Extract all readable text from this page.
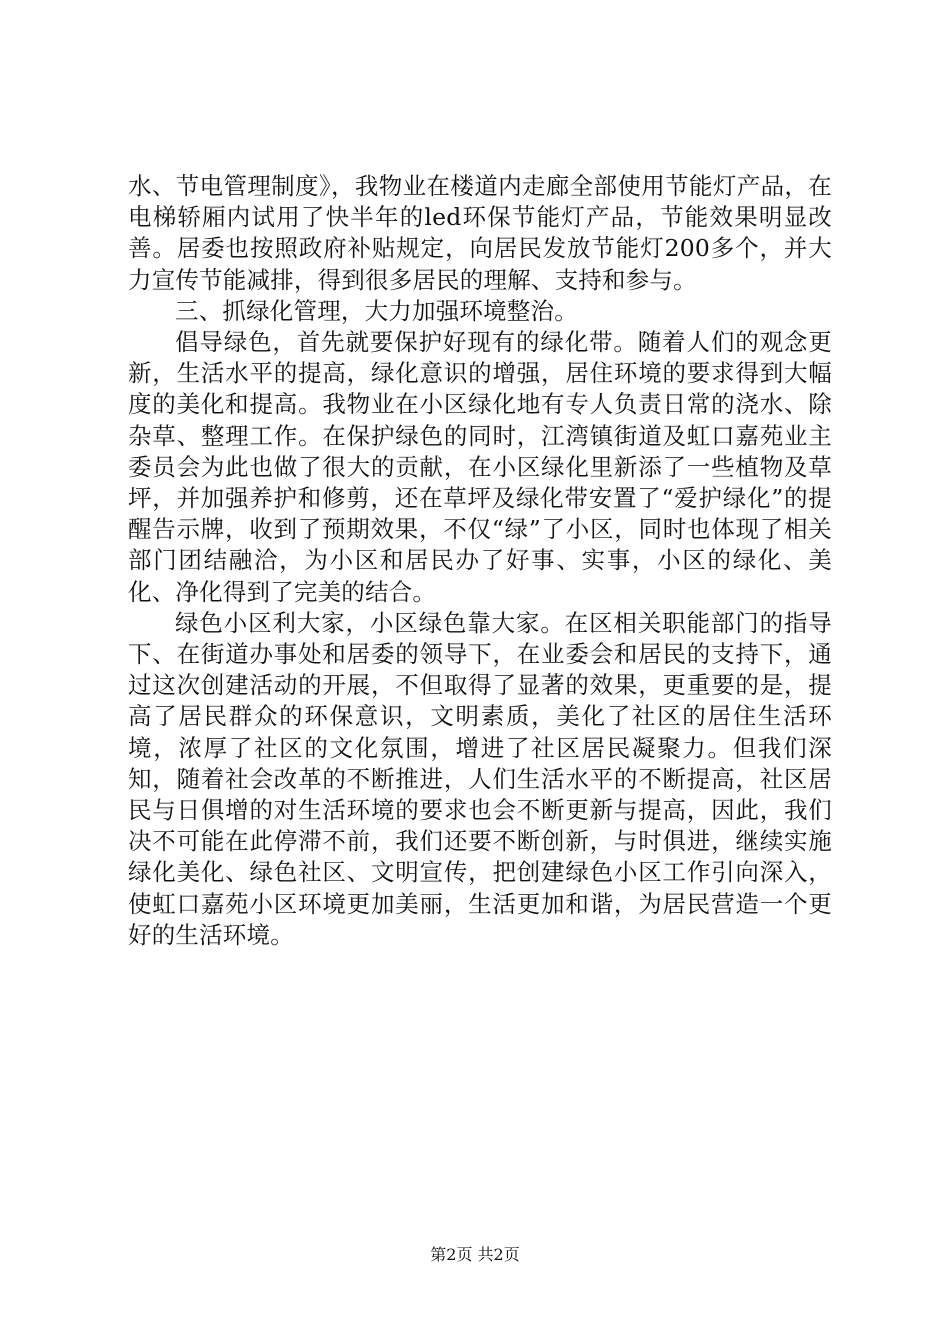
水、节电管理制度》，我物业在楼道内走廊全部使用节能灯产品，在电梯轿厢内试用了快半年的led环保节能灯产品，节能效果明显改善。居委也按照政府补贴规定，向居民发放节能灯200多个，并大力宣传节能减排，得到很多居民的理解、支持和参与。

三、抓绿化管理，大力加强环境整治。

倡导绿色，首先就要保护好现有的绿化带。随着人们的观念更新，生活水平的提高，绿化意识的增强，居住环境的要求得到大幅度的美化和提高。我物业在小区绿化地有专人负责日常的浇水、除杂草、整理工作。在保护绿色的同时，江湾镇街道及虹口嘉苑业主委员会为此也做了很大的贡献，在小区绿化里新添了一些植物及草坪，并加强养护和修剪，还在草坪及绿化带安置了“爱护绿化”的提醒告示牌，收到了预期效果，不仅“绿”了小区，同时也体现了相关部门团结融洽，为小区和居民办了好事、实事，小区的绿化、美化、净化得到了完美的结合。

绿色小区利大家，小区绿色靠大家。在区相关职能部门的指导下、在街道办事处和居委的领导下，在业委会和居民的支持下，通过这次创建活动的开展，不但取得了显著的效果，更重要的是，提高了居民群众的环保意识，文明素质，美化了社区的居住生活环境，浓厚了社区的文化氛围，增进了社区居民凝聚力。但我们深知，随着社会改革的不断推进，人们生活水平的不断提高，社区居民与日俱增的对生活环境的要求也会不断更新与提高，因此，我们决不可能在此停滞不前，我们还要不断创新，与时俱进，继续实施绿化美化、绿色社区、文明宣传，把创建绿色小区工作引向深入，使虹口嘉苑小区环境更加美丽，生活更加和谐，为居民营造一个更好的生活环境。

第2页 共2页
